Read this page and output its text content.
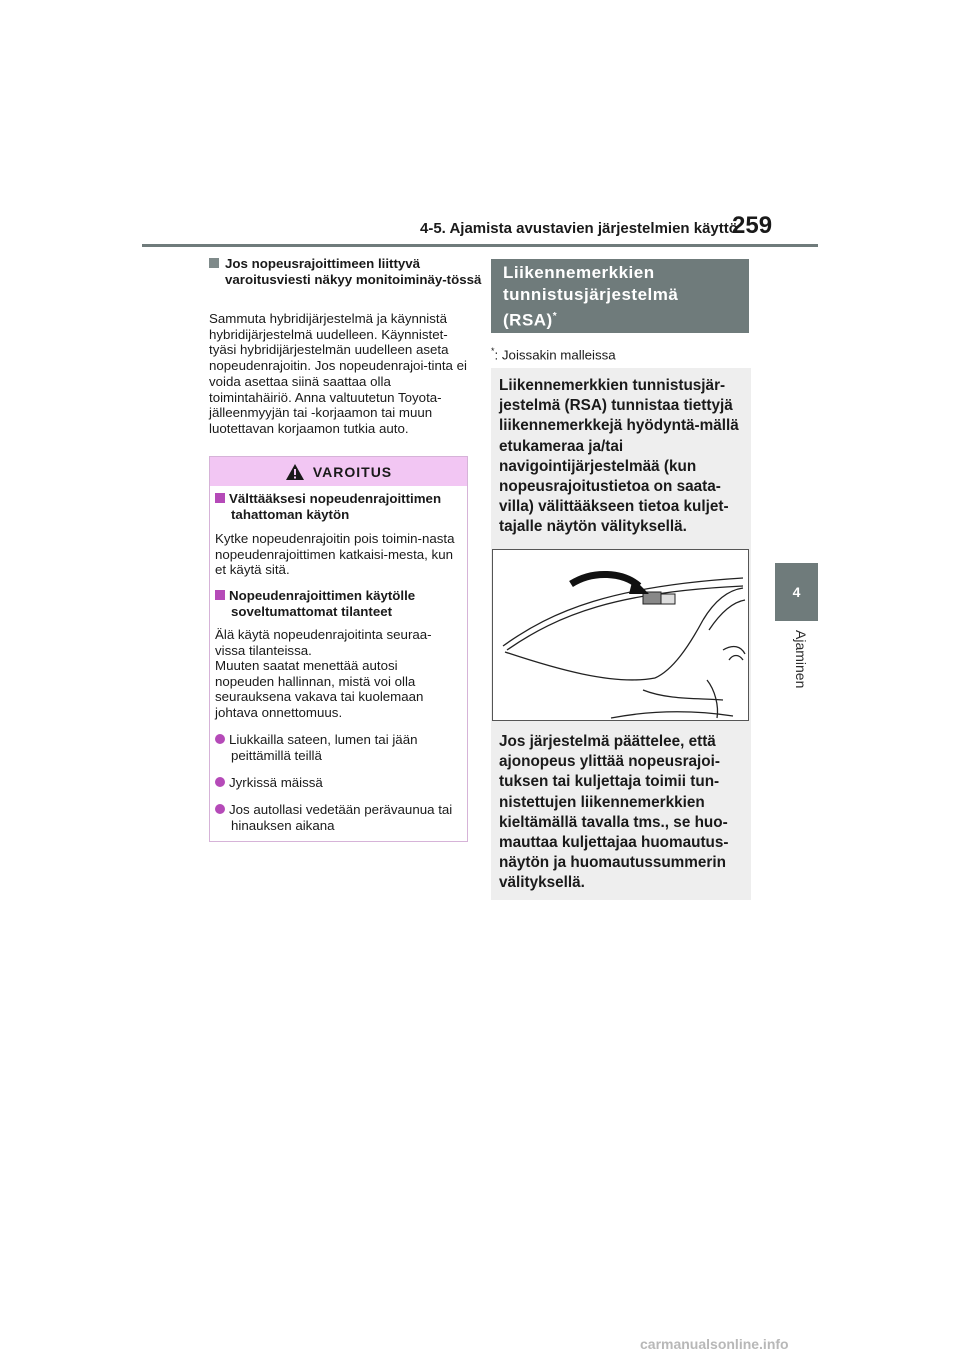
4-5. Ajamista avustavien järjestelmien käyttö
259
4
Ajaminen
Jos nopeusrajoittimeen liittyvä varoitusviesti näkyy monitoiminäy-tössä
Sammuta hybridijärjestelmä ja käynnistä hybridijärjestelmä uudelleen. Käynnistet-tyäsi hybridijärjestelmän uudelleen aseta nopeudenrajoitin. Jos nopeudenrajoi-tinta ei voida asettaa siinä saattaa olla toimintahäiriö. Anna valtuutetun Toyota-jälleenmyyjän tai -korjaamon tai muun luotettavan korjaamon tutkia auto.
VAROITUS
Välttääksesi nopeudenrajoittimen tahattoman käytön
Kytke nopeudenrajoitin pois toimin-nasta nopeudenrajoittimen katkaisi-mesta, kun et käytä sitä.
Nopeudenrajoittimen käytölle soveltumattomat tilanteet
Älä käytä nopeudenrajoitinta seuraa-vissa tilanteissa.
Muuten saatat menettää autosi nopeuden hallinnan, mistä voi olla seurauksena vakava tai kuolemaan johtava onnettomuus.
Liukkailla sateen, lumen tai jään peittämillä teillä
Jyrkissä mäissä
Jos autollasi vedetään perävaunua tai hinauksen aikana
Liikennemerkkien
tunnistusjärjestelmä
(RSA)*
*: Joissakin malleissa
Liikennemerkkien tunnistusjär-jestelmä (RSA) tunnistaa tiettyjä liikennemerkkejä hyödyntä-mällä etukameraa ja/tai navigointijärjestelmää (kun nopeusrajoitustietoa on saata-villa) välittääkseen tietoa kuljet-tajalle näytön välityksellä.
Jos järjestelmä päättelee, että ajonopeus ylittää nopeusrajoi-tuksen tai kuljettaja toimii tun-nistettujen liikennemerkkien kieltämällä tavalla tms., se huo-mauttaa kuljettajaa huomautus-näytön ja huomautussummerin välityksellä.
carmanualsonline.info
